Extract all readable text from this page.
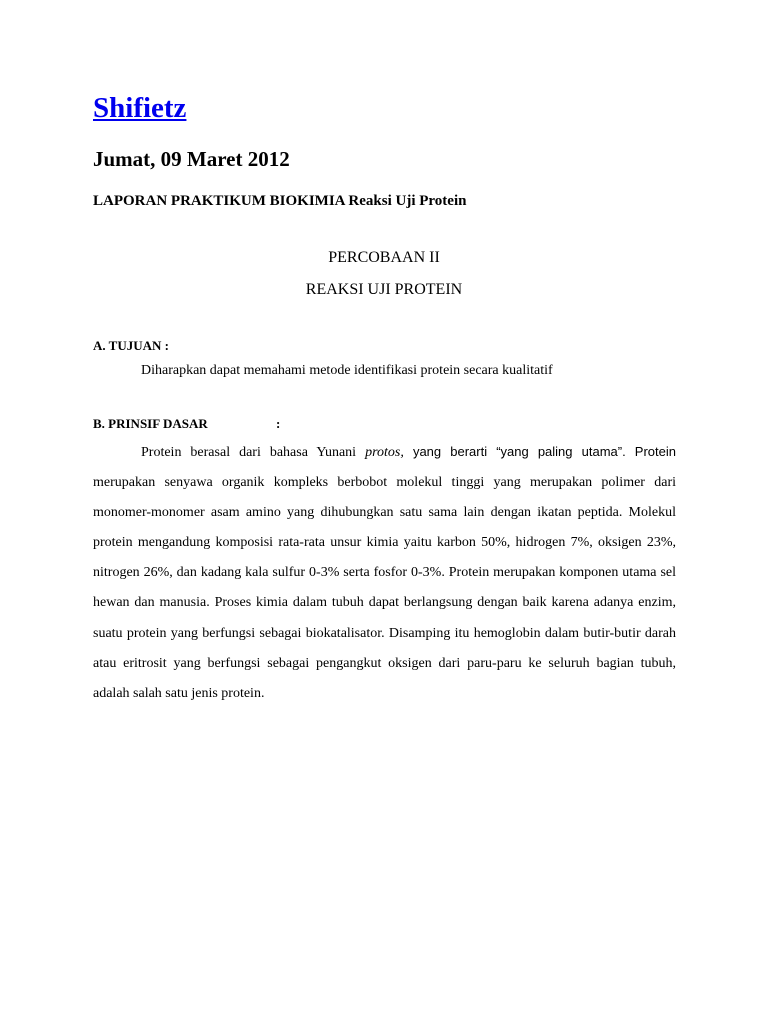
Shifietz
Jumat, 09 Maret 2012
LAPORAN PRAKTIKUM BIOKIMIA Reaksi Uji Protein
PERCOBAAN II
REAKSI UJI PROTEIN
A. TUJUAN :
Diharapkan dapat memahami metode identifikasi protein secara kualitatif
B. PRINSIF DASAR	:

Protein berasal dari bahasa Yunani protos, yang berarti “yang paling utama”. Protein merupakan senyawa organik kompleks berbobot molekul tinggi yang merupakan polimer dari monomer-monomer asam amino yang dihubungkan satu sama lain dengan ikatan peptida. Molekul protein mengandung komposisi rata-rata unsur kimia yaitu karbon 50%, hidrogen 7%, oksigen 23%, nitrogen 26%, dan kadang kala sulfur 0-3% serta fosfor 0-3%. Protein merupakan komponen utama sel hewan dan manusia. Proses kimia dalam tubuh dapat berlangsung dengan baik karena adanya enzim, suatu protein yang berfungsi sebagai biokatalisator. Disamping itu hemoglobin dalam butir-butir darah atau eritrosit yang berfungsi sebagai pengangkut oksigen dari paru-paru ke seluruh bagian tubuh, adalah salah satu jenis protein.
